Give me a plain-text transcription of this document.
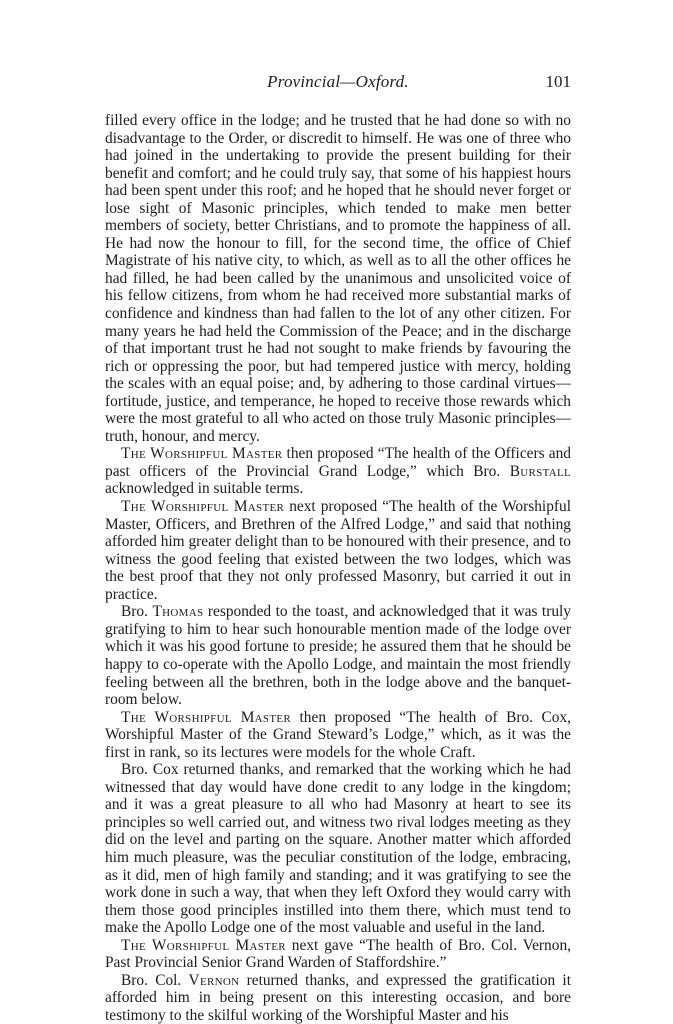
Provincial—Oxford.	101

filled every office in the lodge; and he trusted that he had done so with no disadvantage to the Order, or discredit to himself. He was one of three who had joined in the undertaking to provide the present building for their benefit and comfort; and he could truly say, that some of his happiest hours had been spent under this roof; and he hoped that he should never forget or lose sight of Masonic principles, which tended to make men better members of society, better Christians, and to promote the happiness of all. He had now the honour to fill, for the second time, the office of Chief Magistrate of his native city, to which, as well as to all the other offices he had filled, he had been called by the unanimous and unsolicited voice of his fellow citizens, from whom he had received more substantial marks of confidence and kindness than had fallen to the lot of any other citizen. For many years he had held the Commission of the Peace; and in the discharge of that important trust he had not sought to make friends by favouring the rich or oppressing the poor, but had tempered justice with mercy, holding the scales with an equal poise; and, by adhering to those cardinal virtues—fortitude, justice, and temperance, he hoped to receive those rewards which were the most grateful to all who acted on those truly Masonic principles—truth, honour, and mercy.

The Worshipful Master then proposed “The health of the Officers and past officers of the Provincial Grand Lodge,” which Bro. Burstall acknowledged in suitable terms.

The Worshipful Master next proposed “The health of the Worshipful Master, Officers, and Brethren of the Alfred Lodge,” and said that nothing afforded him greater delight than to be honoured with their presence, and to witness the good feeling that existed between the two lodges, which was the best proof that they not only professed Masonry, but carried it out in practice.

Bro. Thomas responded to the toast, and acknowledged that it was truly gratifying to him to hear such honourable mention made of the lodge over which it was his good fortune to preside; he assured them that he should be happy to co-operate with the Apollo Lodge, and maintain the most friendly feeling between all the brethren, both in the lodge above and the banquet-room below.

The Worshipful Master then proposed “The health of Bro. Cox, Worshipful Master of the Grand Steward’s Lodge,” which, as it was the first in rank, so its lectures were models for the whole Craft.

Bro. Cox returned thanks, and remarked that the working which he had witnessed that day would have done credit to any lodge in the kingdom; and it was a great pleasure to all who had Masonry at heart to see its principles so well carried out, and witness two rival lodges meeting as they did on the level and parting on the square. Another matter which afforded him much pleasure, was the peculiar constitution of the lodge, embracing, as it did, men of high family and standing; and it was gratifying to see the work done in such a way, that when they left Oxford they would carry with them those good principles instilled into them there, which must tend to make the Apollo Lodge one of the most valuable and useful in the land.

The Worshipful Master next gave “The health of Bro. Col. Vernon, Past Provincial Senior Grand Warden of Staffordshire.”

Bro. Col. Vernon returned thanks, and expressed the gratification it afforded him in being present on this interesting occasion, and bore testimony to the skilful working of the Worshipful Master and his
